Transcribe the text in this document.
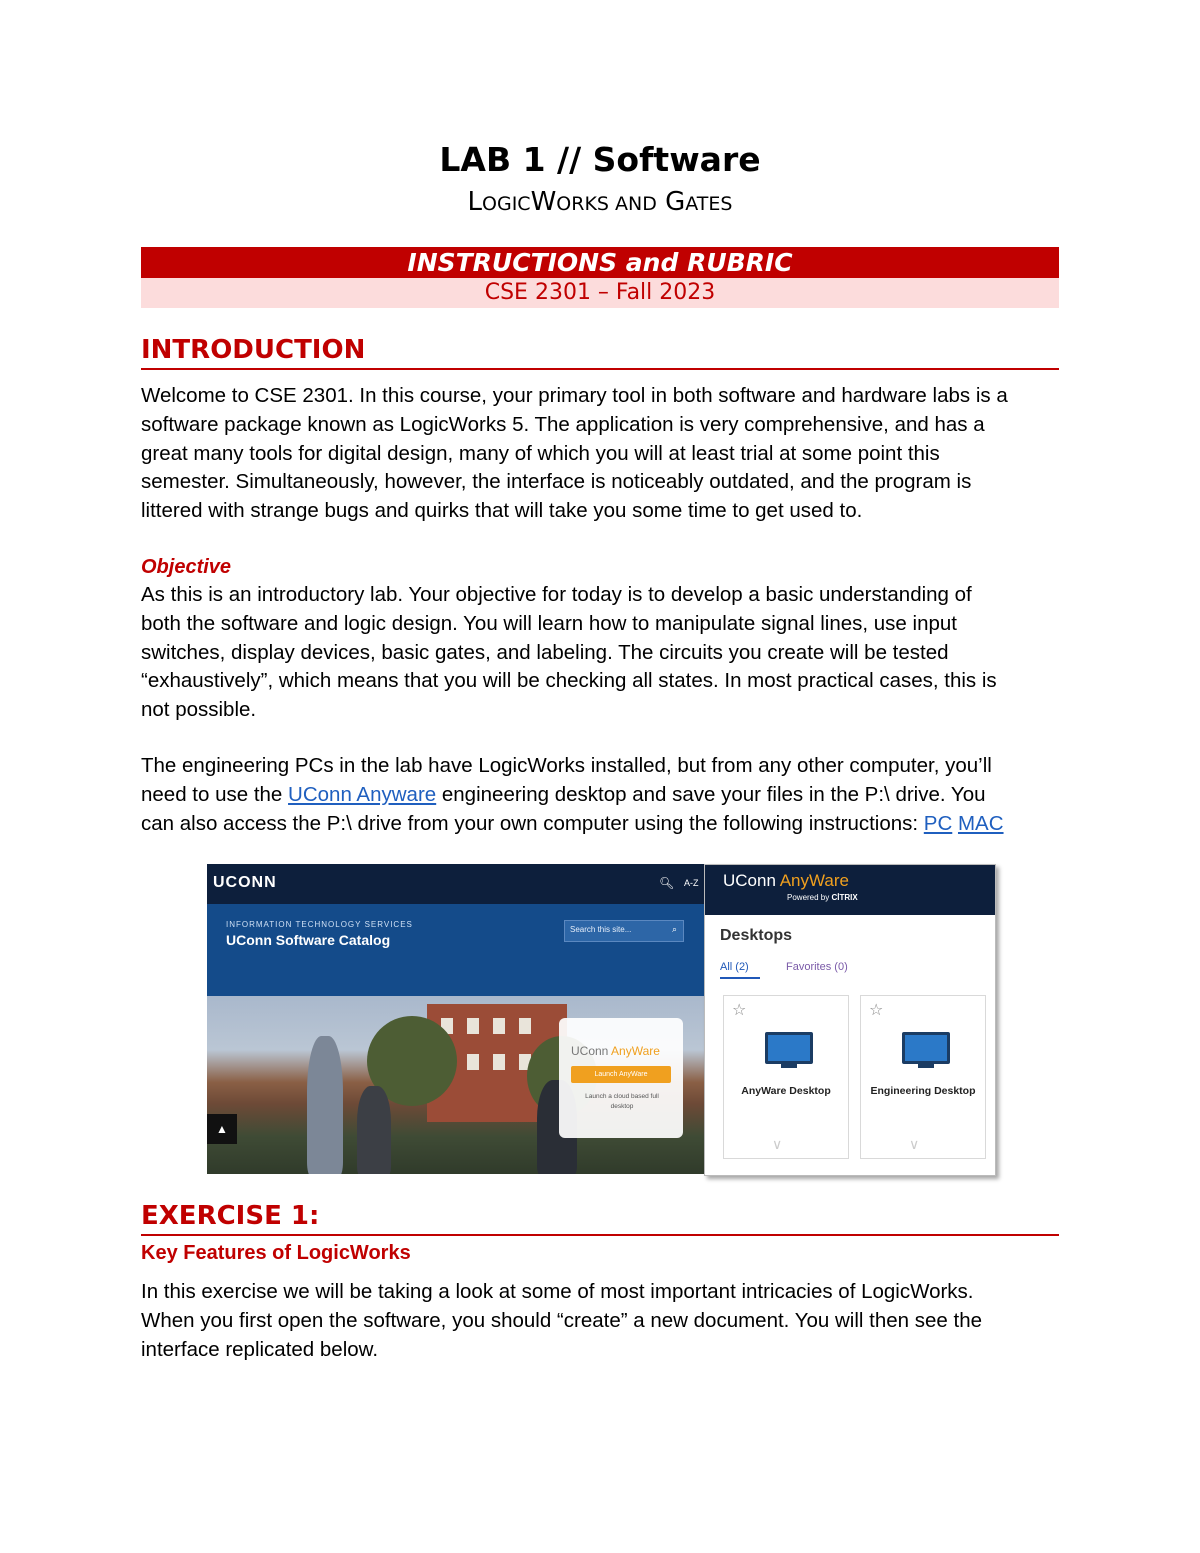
LAB 1 // Software
LOGICWORKS AND GATES
INSTRUCTIONS and RUBRIC
CSE 2301 – Fall 2023
INTRODUCTION
Welcome to CSE 2301. In this course, your primary tool in both software and hardware labs is a
software package known as LogicWorks 5. The application is very comprehensive, and has a
great many tools for digital design, many of which you will at least trial at some point this
semester. Simultaneously, however, the interface is noticeably outdated, and the program is
littered with strange bugs and quirks that will take you some time to get used to.
Objective
As this is an introductory lab. Your objective for today is to develop a basic understanding of
both the software and logic design. You will learn how to manipulate signal lines, use input
switches, display devices, basic gates, and labeling. The circuits you create will be tested
“exhaustively”, which means that you will be checking all states. In most practical cases, this is
not possible.
The engineering PCs in the lab have LogicWorks installed, but from any other computer, you’ll
need to use the UConn Anyware engineering desktop and save your files in the P:\ drive. You
can also access the P:\ drive from your own computer using the following instructions: PC MAC
UCONN	🔍︎ A-Z
INFORMATION TECHNOLOGY SERVICES
UConn Software Catalog
Search this site...	⌕
UConn AnyWare
Launch AnyWare
Launch a cloud based full desktop
▲
UConn AnyWare
Powered by CİTRIX
Desktops
All (2)	Favorites (0)
☆
AnyWare Desktop
∨
☆
Engineering Desktop
∨
EXERCISE 1:
Key Features of LogicWorks
In this exercise we will be taking a look at some of most important intricacies of LogicWorks.
When you first open the software, you should “create” a new document. You will then see the
interface replicated below.
